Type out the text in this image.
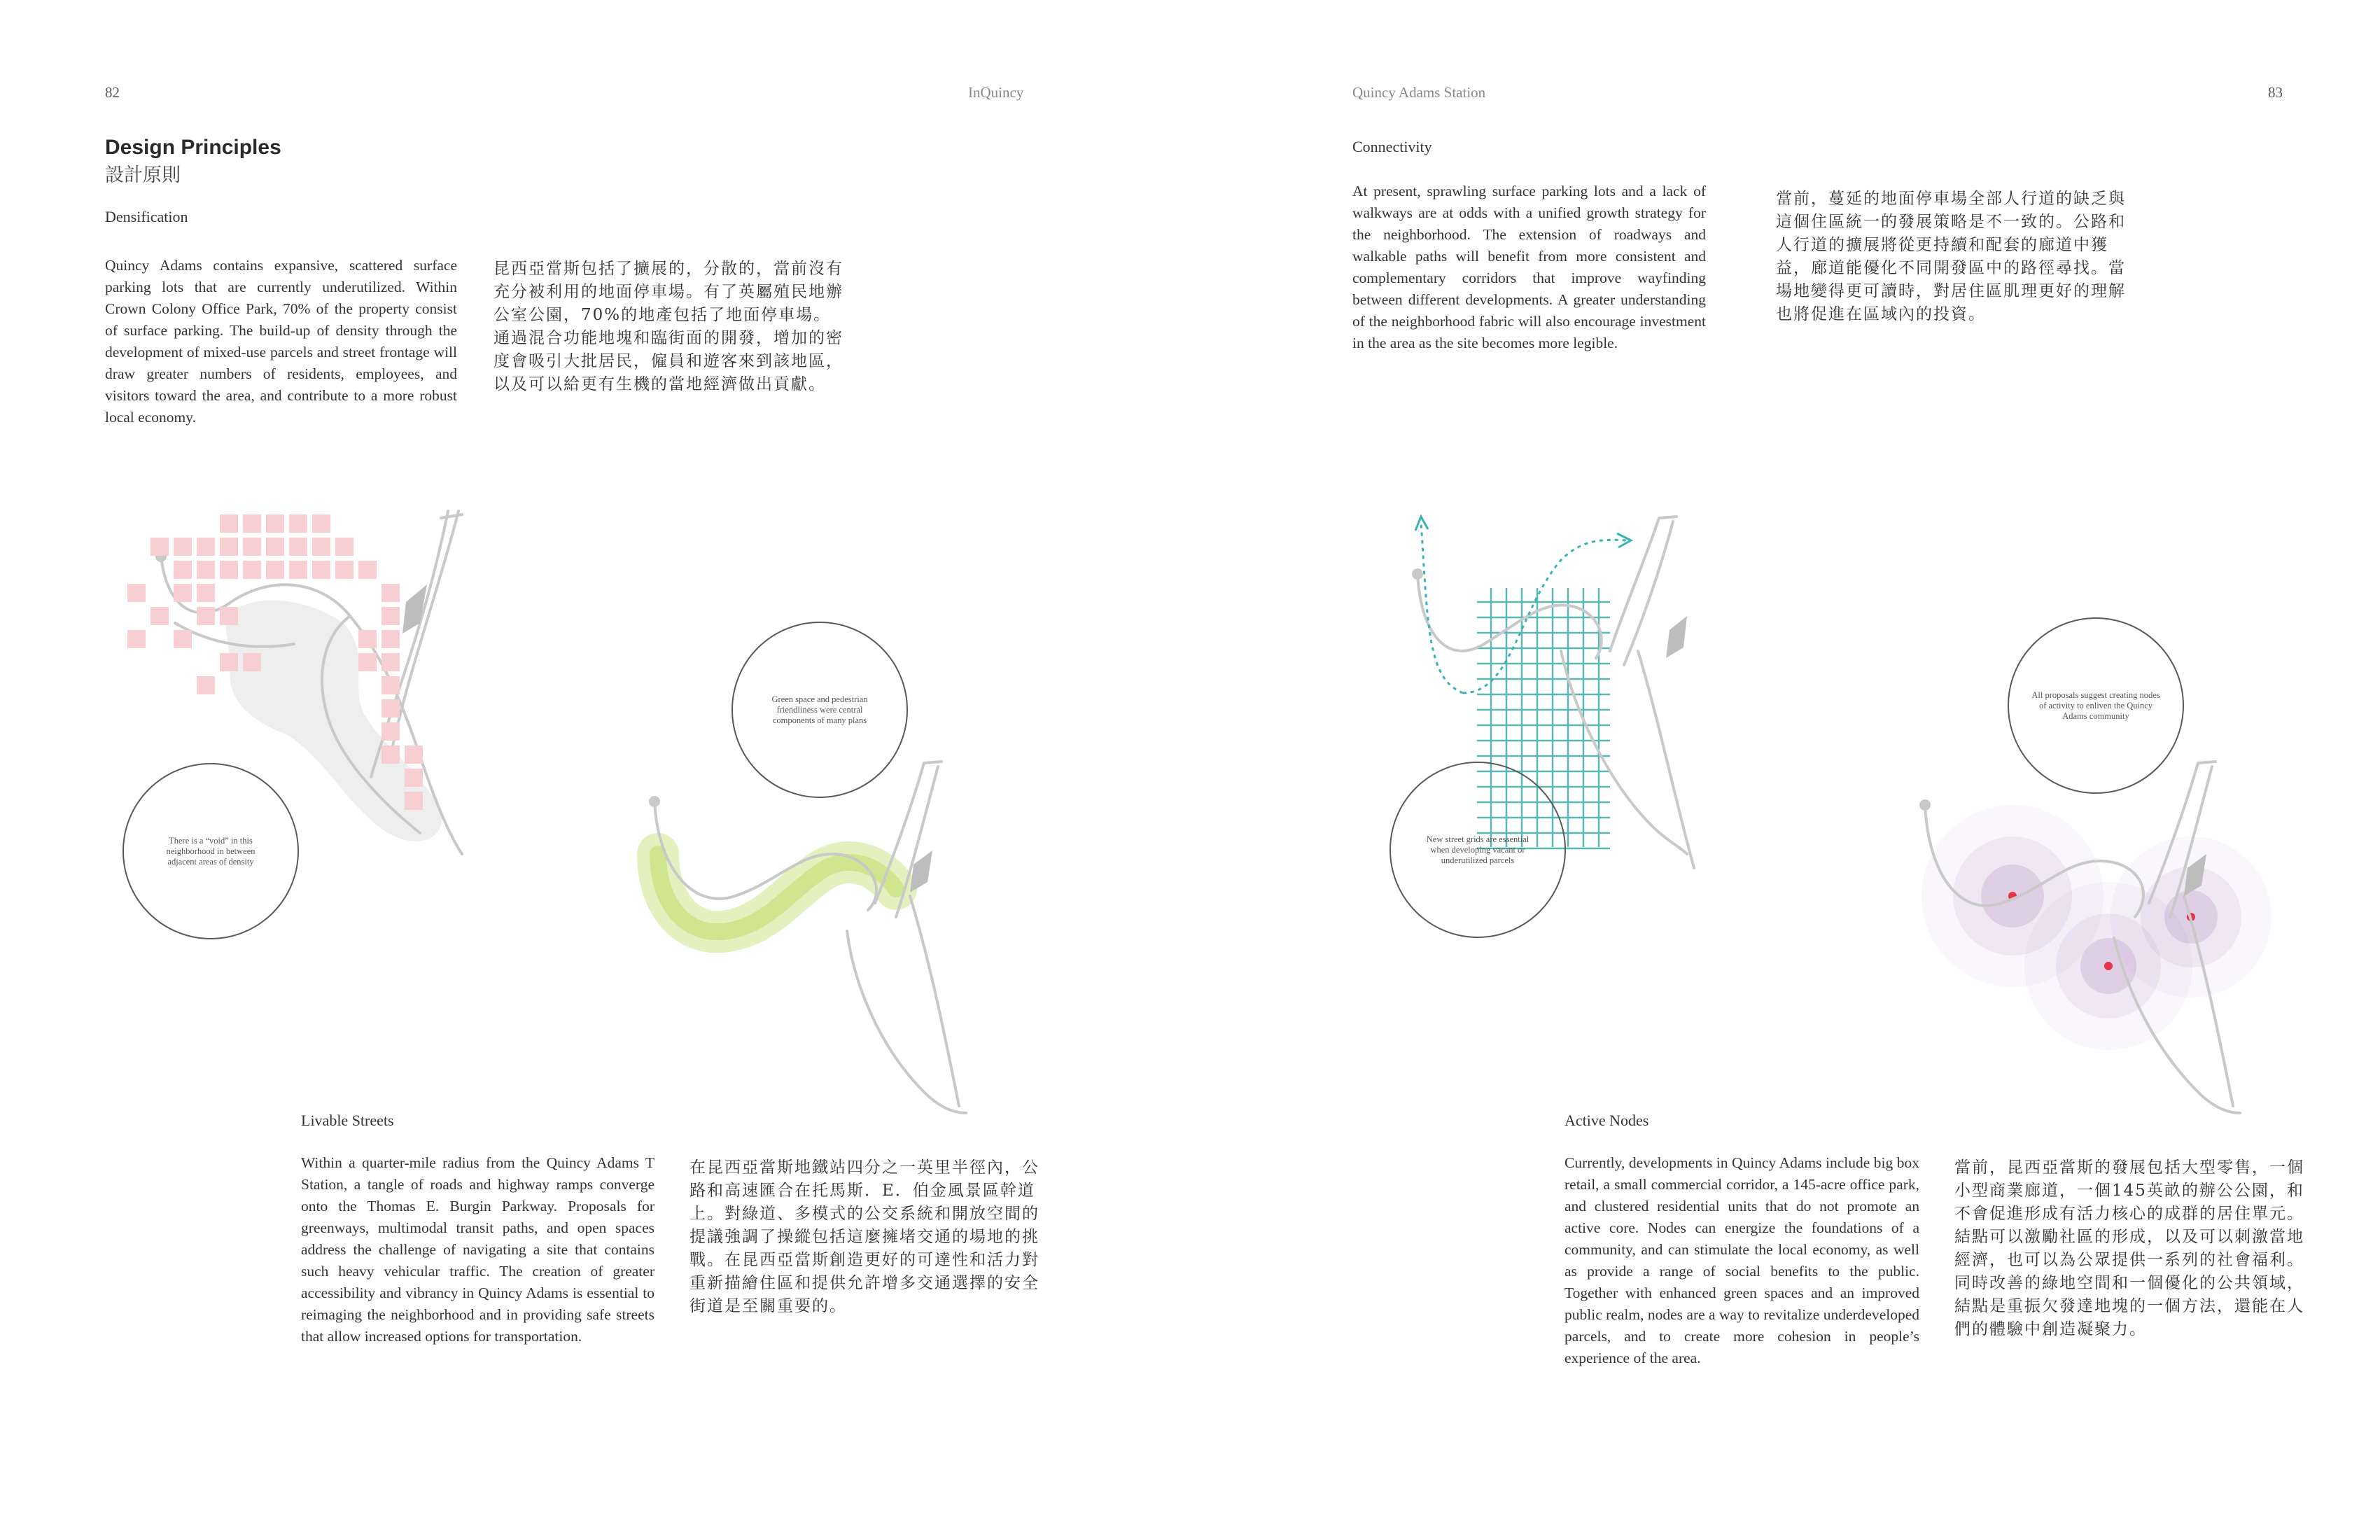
82	InQuincy	Quincy Adams Station	83
Design Principles
設計原則
Densification
Quincy Adams contains expansive, scattered surface parking lots that are currently underutilized. Within Crown Colony Office Park, 70% of the property consist of surface parking. The build-up of density through the development of mixed-use parcels and street frontage will draw greater numbers of residents, employees, and visitors toward the area, and contribute to a more robust local economy.
昆西亞當斯包括了擴展的，分散的，當前沒有充分被利用的地面停車場。有了英屬殖民地辦公室公園，70%的地產包括了地面停車場。通過混合功能地塊和臨街面的開發，增加的密度會吸引大批居民，僱員和遊客來到該地區，以及可以給更有生機的當地經濟做出貢獻。
There is a “void” in this neighborhood in between adjacent areas of density
Green space and pedestrian friendliness were central components of many plans
Livable Streets
Within a quarter-mile radius from the Quincy Adams T Station, a tangle of roads and highway ramps converge onto the Thomas E. Burgin Parkway. Proposals for greenways, multimodal transit paths, and open spaces address the challenge of navigating a site that contains such heavy vehicular traffic. The creation of greater accessibility and vibrancy in Quincy Adams is essential to reimaging the neighborhood and in providing safe streets that allow increased options for transportation.
在昆西亞當斯地鐵站四分之一英里半徑內，公路和高速匯合在托馬斯．E．伯金風景區幹道上。對綠道、多模式的公交系統和開放空間的提議強調了操縱包括這麼擁堵交通的場地的挑戰。在昆西亞當斯創造更好的可達性和活力對重新描繪住區和提供允許增多交通選擇的安全街道是至關重要的。
Connectivity
At present, sprawling surface parking lots and a lack of walkways are at odds with a unified growth strategy for the neighborhood. The extension of roadways and walkable paths will benefit from more consistent and complementary corridors that improve wayfinding between different developments. A greater understanding of the neighborhood fabric will also encourage investment in the area as the site becomes more legible.
當前，蔓延的地面停車場全部人行道的缺乏與這個住區統一的發展策略是不一致的。公路和人行道的擴展將從更持續和配套的廊道中獲益，廊道能優化不同開發區中的路徑尋找。當場地變得更可讀時，對居住區肌理更好的理解也將促進在區域內的投資。
New street grids are essential when developing vacant or underutilized parcels
All proposals suggest creating nodes of activity to enliven the Quincy Adams community
Active Nodes
Currently, developments in Quincy Adams include big box retail, a small commercial corridor, a 145-acre office park, and clustered residential units that do not promote an active core. Nodes can energize the foundations of a community, and can stimulate the local economy, as well as provide a range of social benefits to the public. Together with enhanced green spaces and an improved public realm, nodes are a way to revitalize underdeveloped parcels, and to create more cohesion in people’s experience of the area.
當前，昆西亞當斯的發展包括大型零售，一個小型商業廊道，一個145英畝的辦公公園，和不會促進形成有活力核心的成群的居住單元。結點可以激勵社區的形成，以及可以刺激當地經濟，也可以為公眾提供一系列的社會福利。同時改善的綠地空間和一個優化的公共領域，結點是重振欠發達地塊的一個方法，還能在人們的體驗中創造凝聚力。
